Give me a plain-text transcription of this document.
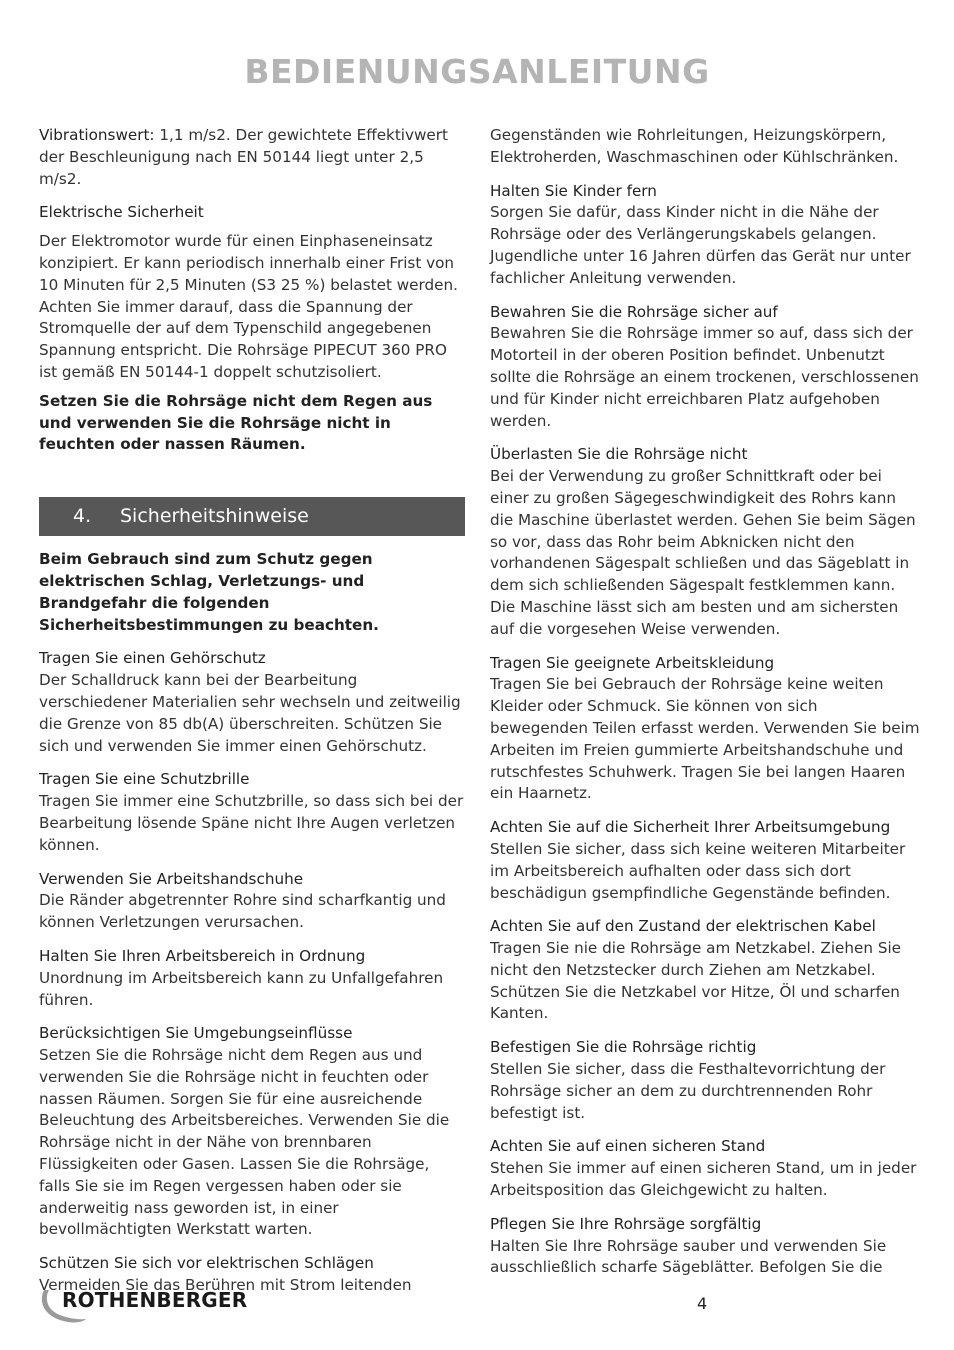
BEDIENUNGSANLEITUNG

Vibrationswert: 1,1 m/s2. Der gewichtete Effektivwert der Beschleunigung nach EN 50144 liegt unter 2,5 m/s2.

Elektrische Sicherheit

Der Elektromotor wurde für einen Einphaseneinsatz konzipiert. Er kann periodisch innerhalb einer Frist von 10 Minuten für 2,5 Minuten (S3 25 %) belastet werden. Achten Sie immer darauf, dass die Spannung der Stromquelle der auf dem Typenschild angegebenen Spannung entspricht. Die Rohrsäge PIPECUT 360 PRO ist gemäß EN 50144-1 doppelt schutzisoliert.

Setzen Sie die Rohrsäge nicht dem Regen aus und verwenden Sie die Rohrsäge nicht in feuchten oder nassen Räumen.

4. Sicherheitshinweise

Beim Gebrauch sind zum Schutz gegen elektrischen Schlag, Verletzungs- und Brandgefahr die folgenden Sicherheitsbestimmungen zu beachten.

Tragen Sie einen Gehörschutz

Der Schalldruck kann bei der Bearbeitung verschiedener Materialien sehr wechseln und zeitweilig die Grenze von 85 db(A) überschreiten. Schützen Sie sich und verwenden Sie immer einen Gehörschutz.

Tragen Sie eine Schutzbrille

Tragen Sie immer eine Schutzbrille, so dass sich bei der Bearbeitung lösende Späne nicht Ihre Augen verletzen können.

Verwenden Sie Arbeitshandschuhe

Die Ränder abgetrennter Rohre sind scharfkantig und können Verletzungen verursachen.

Halten Sie Ihren Arbeitsbereich in Ordnung

Unordnung im Arbeitsbereich kann zu Unfallgefahren führen.

Berücksichtigen Sie Umgebungseinflüsse

Setzen Sie die Rohrsäge nicht dem Regen aus und verwenden Sie die Rohrsäge nicht in feuchten oder nassen Räumen. Sorgen Sie für eine ausreichende Beleuchtung des Arbeitsbereiches. Verwenden Sie die Rohrsäge nicht in der Nähe von brennbaren Flüssigkeiten oder Gasen. Lassen Sie die Rohrsäge, falls Sie sie im Regen vergessen haben oder sie anderweitig nass geworden ist, in einer bevollmächtigten Werkstatt warten.

Schützen Sie sich vor elektrischen Schlägen

Vermeiden Sie das Berühren mit Strom leitenden

Gegenständen wie Rohrleitungen, Heizungskörpern, Elektroherden, Waschmaschinen oder Kühlschränken.

Halten Sie Kinder fern

Sorgen Sie dafür, dass Kinder nicht in die Nähe der Rohrsäge oder des Verlängerungskabels gelangen. Jugendliche unter 16 Jahren dürfen das Gerät nur unter fachlicher Anleitung verwenden.

Bewahren Sie die Rohrsäge sicher auf

Bewahren Sie die Rohrsäge immer so auf, dass sich der Motorteil in der oberen Position befindet. Unbenutzt sollte die Rohrsäge an einem trockenen, verschlossenen und für Kinder nicht erreichbaren Platz aufgehoben werden.

Überlasten Sie die Rohrsäge nicht

Bei der Verwendung zu großer Schnittkraft oder bei einer zu großen Sägegeschwindigkeit des Rohrs kann die Maschine überlastet werden. Gehen Sie beim Sägen so vor, dass das Rohr beim Abknicken nicht den vorhandenen Sägespalt schließen und das Sägeblatt in dem sich schließenden Sägespalt festklemmen kann. Die Maschine lässt sich am besten und am sichersten auf die vorgesehen Weise verwenden.

Tragen Sie geeignete Arbeitskleidung

Tragen Sie bei Gebrauch der Rohrsäge keine weiten Kleider oder Schmuck. Sie können von sich bewegenden Teilen erfasst werden. Verwenden Sie beim Arbeiten im Freien gummierte Arbeitshandschuhe und rutschfestes Schuhwerk. Tragen Sie bei langen Haaren ein Haarnetz.

Achten Sie auf die Sicherheit Ihrer Arbeitsumgebung

Stellen Sie sicher, dass sich keine weiteren Mitarbeiter im Arbeitsbereich aufhalten oder dass sich dort beschädigun gsempfindliche Gegenstände befinden.

Achten Sie auf den Zustand der elektrischen Kabel

Tragen Sie nie die Rohrsäge am Netzkabel. Ziehen Sie nicht den Netzstecker durch Ziehen am Netzkabel. Schützen Sie die Netzkabel vor Hitze, Öl und scharfen Kanten.

Befestigen Sie die Rohrsäge richtig

Stellen Sie sicher, dass die Festhaltevorrichtung der Rohrsäge sicher an dem zu durchtrennenden Rohr befestigt ist.

Achten Sie auf einen sicheren Stand

Stehen Sie immer auf einen sicheren Stand, um in jeder Arbeitsposition das Gleichgewicht zu halten.

Pflegen Sie Ihre Rohrsäge sorgfältig

Halten Sie Ihre Rohrsäge sauber und verwenden Sie ausschließlich scharfe Sägeblätter. Befolgen Sie die

ROTHENBERGER	4
